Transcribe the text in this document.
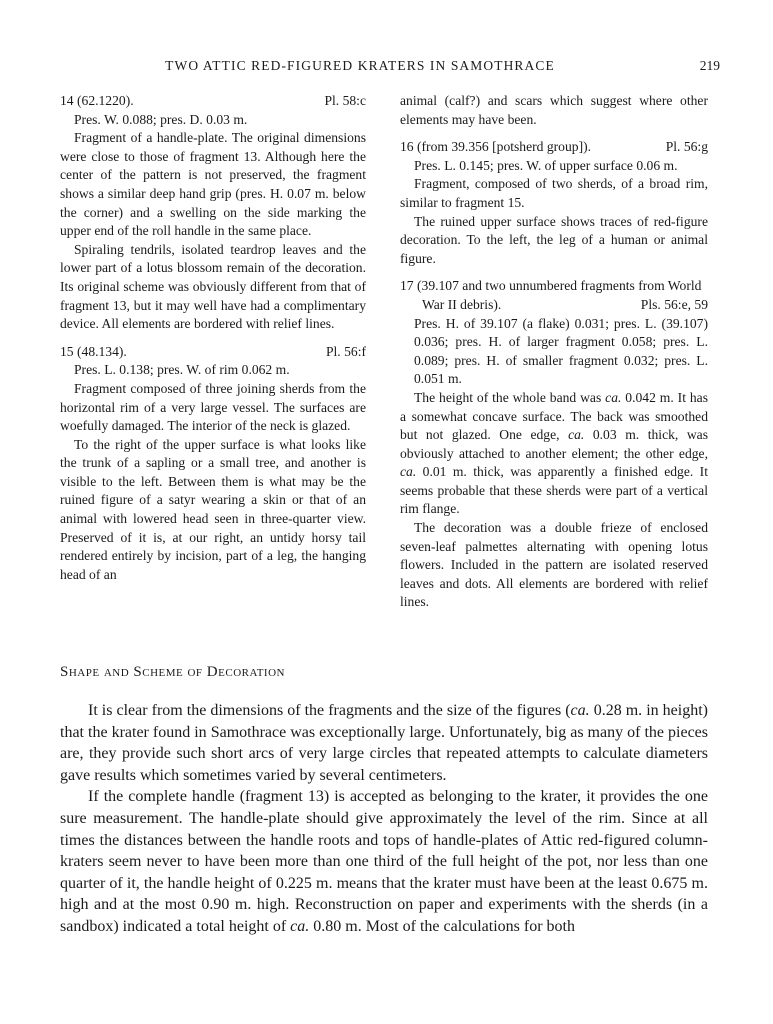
TWO ATTIC RED-FIGURED KRATERS IN SAMOTHRACE	219
14 (62.1220).	Pl. 58:c

Pres. W. 0.088; pres. D. 0.03 m.

Fragment of a handle-plate. The original dimensions were close to those of fragment 13. Although here the center of the pattern is not preserved, the fragment shows a similar deep hand grip (pres. H. 0.07 m. below the corner) and a swelling on the side marking the upper end of the roll handle in the same place.

Spiraling tendrils, isolated teardrop leaves and the lower part of a lotus blossom remain of the decoration. Its original scheme was obviously different from that of fragment 13, but it may well have had a complimentary device. All elements are bordered with relief lines.

15 (48.134).	Pl. 56:f

Pres. L. 0.138; pres. W. of rim 0.062 m.

Fragment composed of three joining sherds from the horizontal rim of a very large vessel. The surfaces are woefully damaged. The interior of the neck is glazed.

To the right of the upper surface is what looks like the trunk of a sapling or a small tree, and another is visible to the left. Between them is what may be the ruined figure of a satyr wearing a skin or that of an animal with lowered head seen in three-quarter view. Preserved of it is, at our right, an untidy horsy tail rendered entirely by incision, part of a leg, the hanging head of an

animal (calf?) and scars which suggest where other elements may have been.

16 (from 39.356 [potsherd group]).	Pl. 56:g

Pres. L. 0.145; pres. W. of upper surface 0.06 m.

Fragment, composed of two sherds, of a broad rim, similar to fragment 15.

The ruined upper surface shows traces of red-figure decoration. To the left, the leg of a human or animal figure.

17 (39.107 and two unnumbered fragments from World War II debris).	Pls. 56:e, 59

Pres. H. of 39.107 (a flake) 0.031; pres. L. (39.107) 0.036; pres. H. of larger fragment 0.058; pres. L. 0.089; pres. H. of smaller fragment 0.032; pres. L. 0.051 m.

The height of the whole band was ca. 0.042 m. It has a somewhat concave surface. The back was smoothed but not glazed. One edge, ca. 0.03 m. thick, was obviously attached to another element; the other edge, ca. 0.01 m. thick, was apparently a finished edge. It seems probable that these sherds were part of a vertical rim flange.

The decoration was a double frieze of enclosed seven-leaf palmettes alternating with opening lotus flowers. Included in the pattern are isolated reserved leaves and dots. All elements are bordered with relief lines.

Shape and Scheme of Decoration

It is clear from the dimensions of the fragments and the size of the figures (ca. 0.28 m. in height) that the krater found in Samothrace was exceptionally large. Unfortunately, big as many of the pieces are, they provide such short arcs of very large circles that repeated attempts to calculate diameters gave results which sometimes varied by several centimeters.

If the complete handle (fragment 13) is accepted as belonging to the krater, it provides the one sure measurement. The handle-plate should give approximately the level of the rim. Since at all times the distances between the handle roots and tops of handle-plates of Attic red-figured column-kraters seem never to have been more than one third of the full height of the pot, nor less than one quarter of it, the handle height of 0.225 m. means that the krater must have been at the least 0.675 m. high and at the most 0.90 m. high. Reconstruction on paper and experiments with the sherds (in a sandbox) indicated a total height of ca. 0.80 m. Most of the calculations for both
